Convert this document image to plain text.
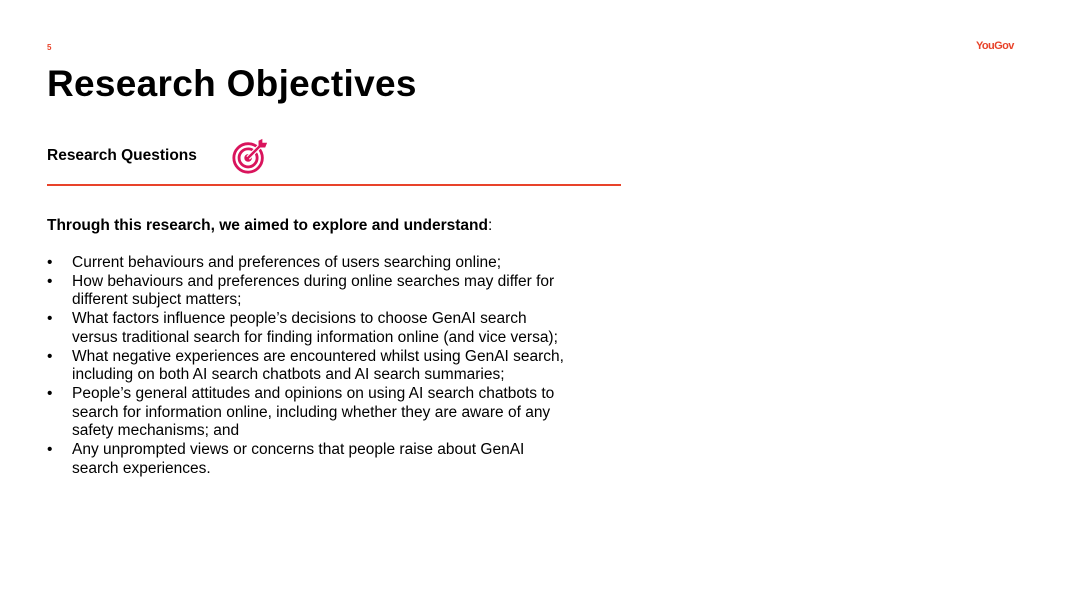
5	YouGov
Research Objectives
Research Questions
Through this research, we aimed to explore and understand:
• Current behaviours and preferences of users searching online;
• How behaviours and preferences during online searches may differ for different subject matters;
• What factors influence people’s decisions to choose GenAI search versus traditional search for finding information online (and vice versa);
• What negative experiences are encountered whilst using GenAI search, including on both AI search chatbots and AI search summaries;
• People’s general attitudes and opinions on using AI search chatbots to search for information online, including whether they are aware of any safety mechanisms; and
• Any unprompted views or concerns that people raise about GenAI search experiences.
